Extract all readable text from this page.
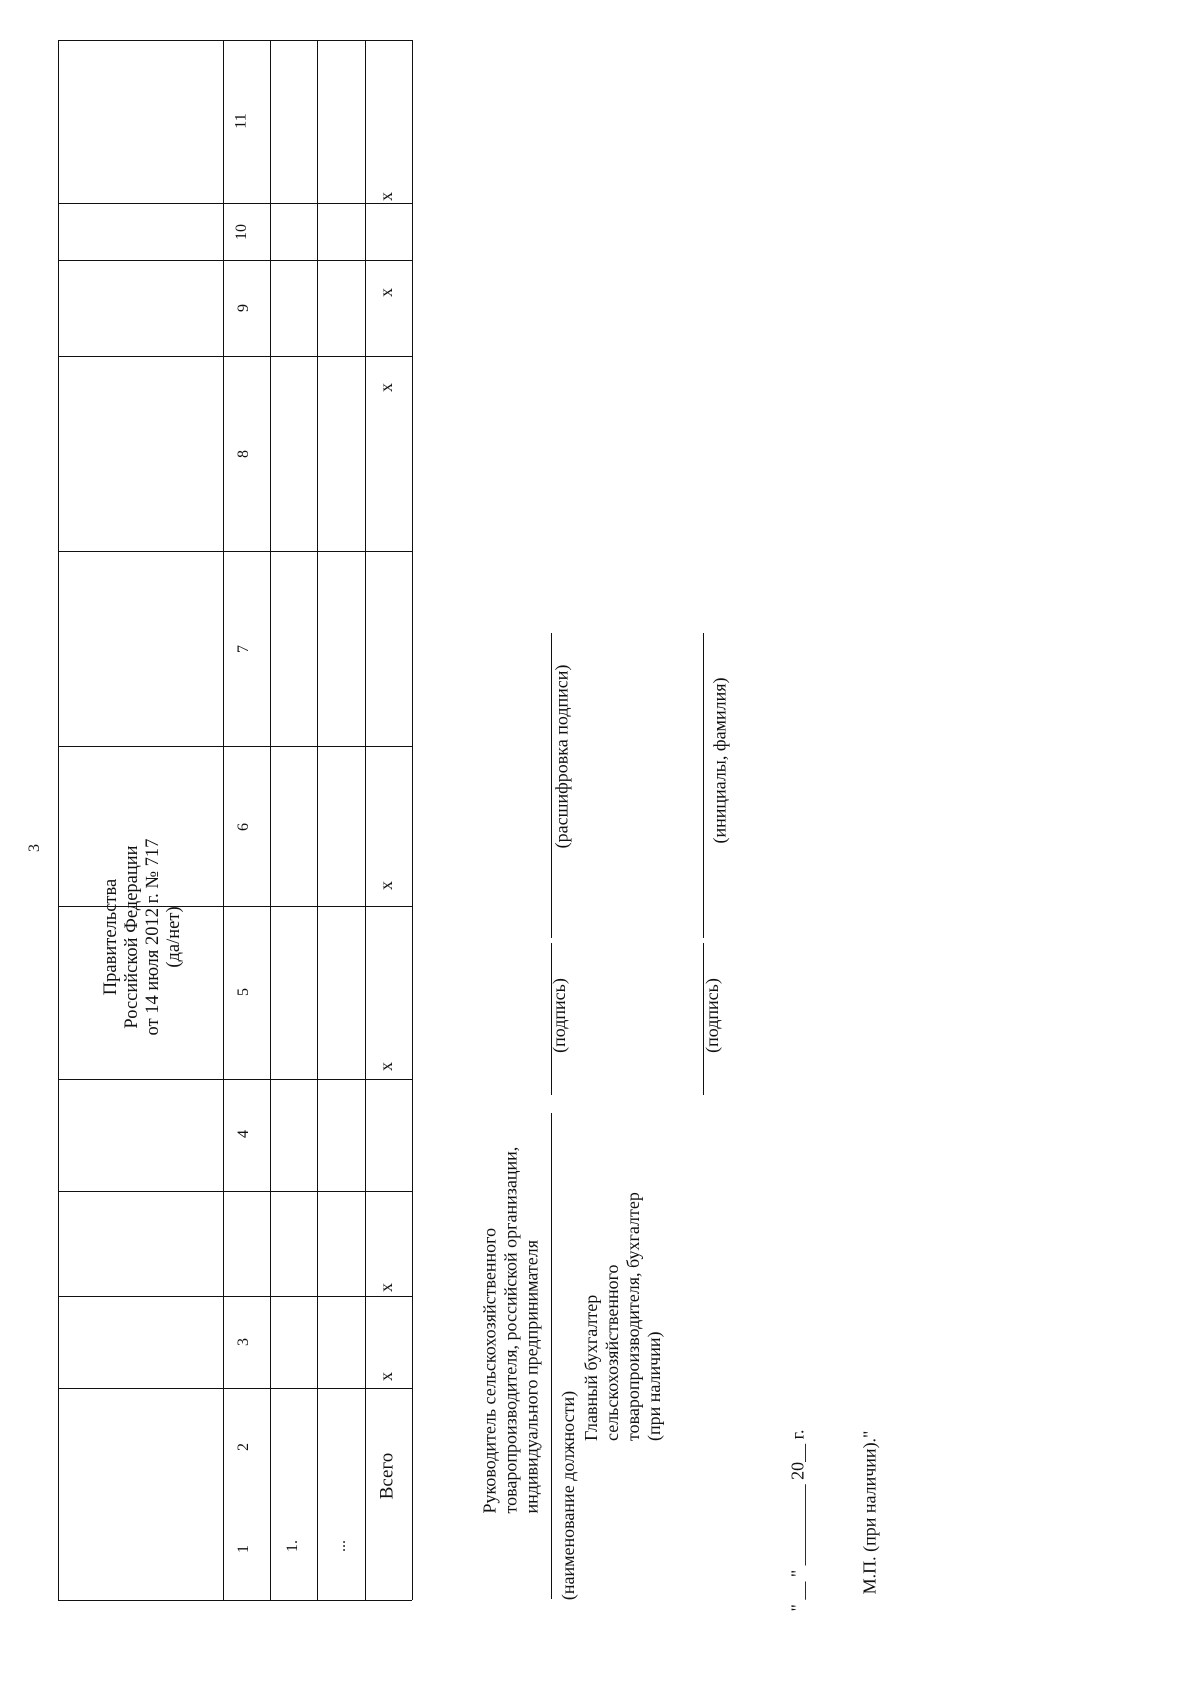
3
Правительства Российской Федерации от 14 июля 2012 г. № 717 (да/нет)
1
2
3
4
5
6
7
8
9
10
11
1. ...
Всего
х
х
х
х
х
х
х
Руководитель сельскохозяйственного товаропроизводителя, российской организации, индивидуального предпринимателя (наименование должности)
(подпись)
(расшифровка подписи)
Главный бухгалтер сельскохозяйственного товаропроизводителя, бухгалтер (при наличии)
(подпись)
(инициалы, фамилия)
" __ " _________ 20__ г.	М.П. (при наличии)."
